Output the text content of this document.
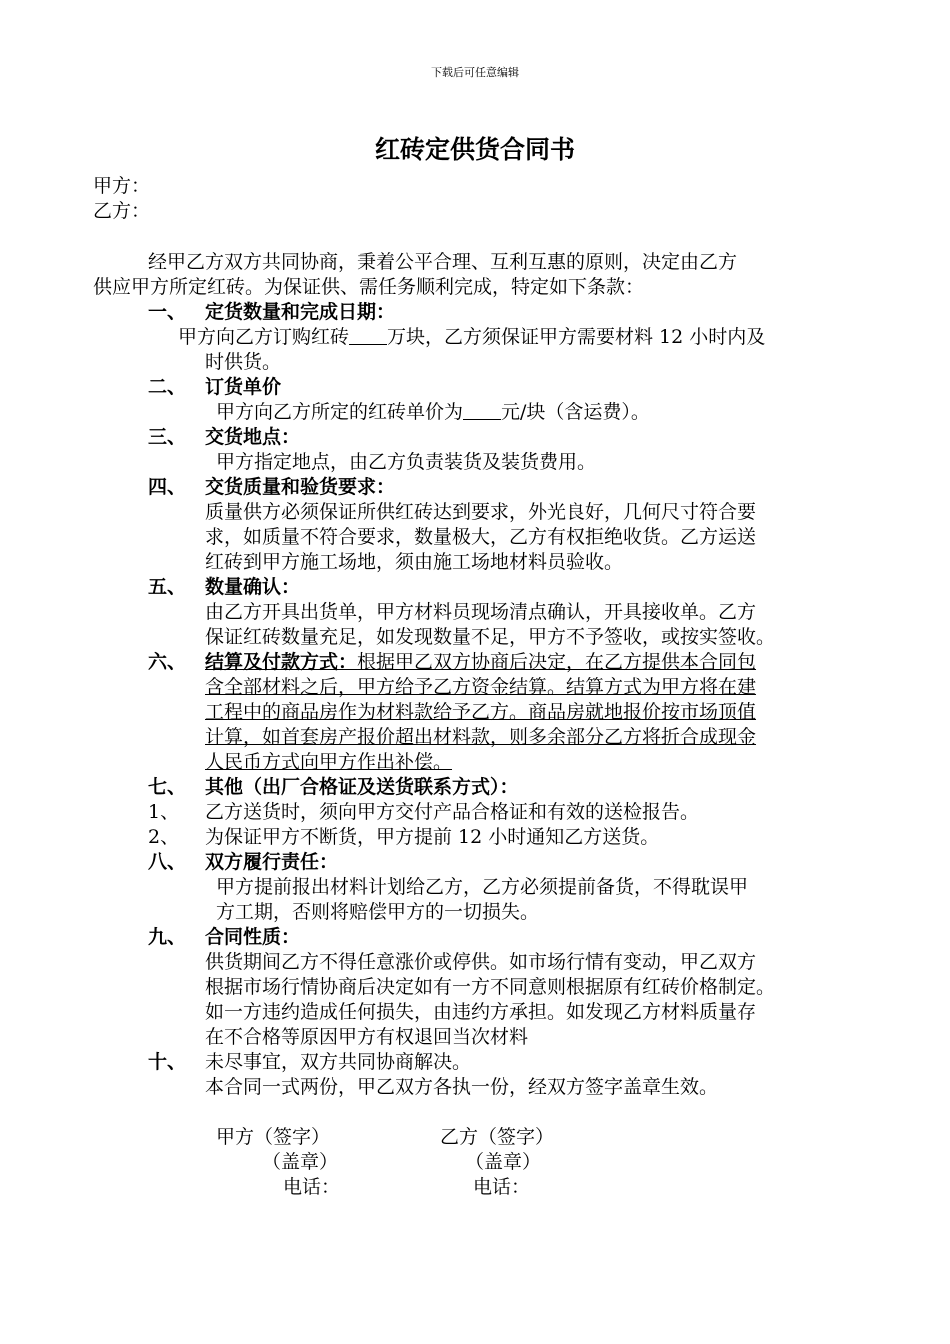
下载后可任意编辑
红砖定供货合同书
甲方：
乙方：
经甲乙方双方共同协商，秉着公平合理、互利互惠的原则，决定由乙方
供应甲方所定红砖。为保证供、需任务顺利完成，特定如下条款：
一、 定货数量和完成日期：
甲方向乙方订购红砖 万块，乙方须保证甲方需要材料 12 小时内及
时供货。
二、 订货单价
甲方向乙方所定的红砖单价为 元/块（含运费）。
三、 交货地点：
甲方指定地点，由乙方负责装货及装货费用。
四、 交货质量和验货要求：
质量供方必须保证所供红砖达到要求，外光良好，几何尺寸符合要
求，如质量不符合要求，数量极大，乙方有权拒绝收货。乙方运送
红砖到甲方施工场地，须由施工场地材料员验收。
五、 数量确认：
由乙方开具出货单，甲方材料员现场清点确认，开具接收单。乙方
保证红砖数量充足，如发现数量不足，甲方不予签收，或按实签收。
六、 结算及付款方式：根据甲乙双方协商后决定，在乙方提供本合同包
含全部材料之后，甲方给予乙方资金结算。结算方式为甲方将在建
工程中的商品房作为材料款给予乙方。商品房就地报价按市场顶值
计算，如首套房产报价超出材料款，则多余部分乙方将折合成现金
人民币方式向甲方作出补偿。
七、 其他（出厂合格证及送货联系方式）：
1、 乙方送货时，须向甲方交付产品合格证和有效的送检报告。
2、 为保证甲方不断货，甲方提前 12 小时通知乙方送货。
八、 双方履行责任：
甲方提前报出材料计划给乙方，乙方必须提前备货，不得耽误甲
方工期，否则将赔偿甲方的一切损失。
九、 合同性质：
供货期间乙方不得任意涨价或停供。如市场行情有变动，甲乙双方
根据市场行情协商后决定如有一方不同意则根据原有红砖价格制定。
如一方违约造成任何损失，由违约方承担。如发现乙方材料质量存
在不合格等原因甲方有权退回当次材料
十、 未尽事宜，双方共同协商解决。
本合同一式两份，甲乙双方各执一份，经双方签字盖章生效。
甲方（签字）
（盖章）
电话：
乙方（签字）
（盖章）
电话：
